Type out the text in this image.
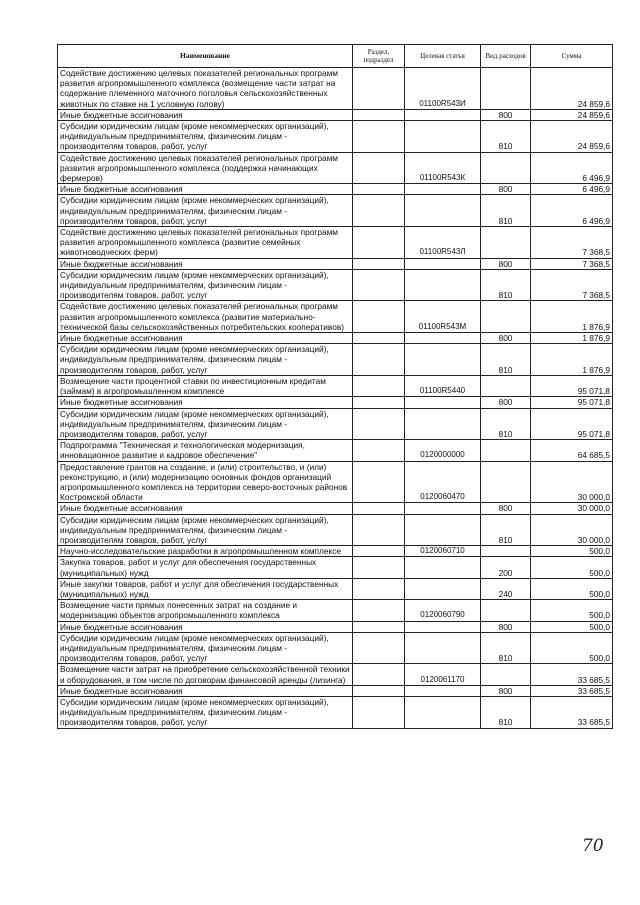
Наименование	Раздел, подраздел	Целевая статья	Вид расходов	Сумма
Содействие достижению целевых показателей региональных программ развития агропромышленного комплекса (возмещение части затрат на содержание племенного маточного поголовья сельскохозяйственных животных по ставке на 1 условную голову)		01100R543И		24 859,6
Иные бюджетные ассигнования			800	24 859,6
Субсидии юридическим лицам (кроме некоммерческих организаций), индивидуальным предпринимателям, физическим лицам - производителям товаров, работ, услуг			810	24 859,6
Содействие достижению целевых показателей региональных программ развития агропромышленного комплекса (поддержка начинающих фермеров)		01100R543К		6 496,9
Иные бюджетные ассигнования			800	6 496,9
Субсидии юридическим лицам (кроме некоммерческих организаций), индивидуальным предпринимателям, физическим лицам - производителям товаров, работ, услуг			810	6 496,9
Содействие достижению целевых показателей региональных программ развития агропромышленного комплекса (развитие семейных животноводческих ферм)		01100R543Л		7 368,5
Иные бюджетные ассигнования			800	7 368,5
Субсидии юридическим лицам (кроме некоммерческих организаций), индивидуальным предпринимателям, физическим лицам - производителям товаров, работ, услуг			810	7 368,5
Содействие достижению целевых показателей региональных программ развития агропромышленного комплекса (развитие материально-технической базы сельскохозяйственных потребительских кооперативов)		01100R543М		1 876,9
Иные бюджетные ассигнования			800	1 876,9
Субсидии юридическим лицам (кроме некоммерческих организаций), индивидуальным предпринимателям, физическим лицам - производителям товаров, работ, услуг			810	1 876,9
Возмещение части процентной ставки по инвестиционным кредитам (займам) в агропромышленном комплексе		01100R5440		95 071,8
Иные бюджетные ассигнования			800	95 071,8
Субсидии юридическим лицам (кроме некоммерческих организаций), индивидуальным предпринимателям, физическим лицам - производителям товаров, работ, услуг			810	95 071,8
Подпрограмма "Техническая и технологическая модернизация, инновационное развитие и кадровое обеспечение"		0120000000		64 685,5
Предоставление грантов на создание, и (или) строительство, и (или) реконструкцию, и (или) модернизацию основных фондов организаций агропромышленного комплекса на территории северо-восточных районов Костромской области		0120060470		30 000,0
Иные бюджетные ассигнования			800	30 000,0
Субсидии юридическим лицам (кроме некоммерческих организаций), индивидуальным предпринимателям, физическим лицам - производителям товаров, работ, услуг			810	30 000,0
Научно-исследовательские разработки в агропромышленном комплексе		0120060710		500,0
Закупка товаров, работ и услуг для обеспечения государственных (муниципальных) нужд			200	500,0
Иные закупки товаров, работ и услуг для обеспечения государственных (муниципальных) нужд			240	500,0
Возмещение части прямых понесенных затрат на создание и модернизацию объектов агропромышленного комплекса		0120060790		500,0
Иные бюджетные ассигнования			800	500,0
Субсидии юридическим лицам (кроме некоммерческих организаций), индивидуальным предпринимателям, физическим лицам - производителям товаров, работ, услуг			810	500,0
Возмещение части затрат на приобретение сельскохозяйственной техники и оборудования, в том числе по договорам финансовой аренды (лизинга)		0120061170		33 685,5
Иные бюджетные ассигнования			800	33 685,5
Субсидии юридическим лицам (кроме некоммерческих организаций), индивидуальным предпринимателям, физическим лицам - производителям товаров, работ, услуг			810	33 685,5
70
